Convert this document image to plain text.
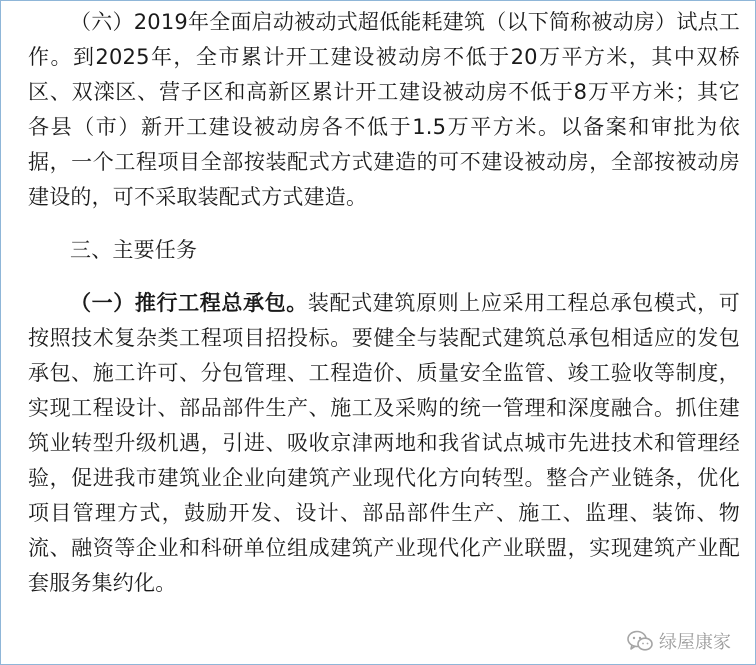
（六）2019年全面启动被动式超低能耗建筑（以下简称被动房）试点工作。到2025年，全市累计开工建设被动房不低于20万平方米，其中双桥区、双滦区、营子区和高新区累计开工建设被动房不低于8万平方米；其它各县（市）新开工建设被动房各不低于1.5万平方米。以备案和审批为依据，一个工程项目全部按装配式方式建造的可不建设被动房，全部按被动房建设的，可不采取装配式方式建造。

三、主要任务

（一）推行工程总承包。装配式建筑原则上应采用工程总承包模式，可按照技术复杂类工程项目招投标。要健全与装配式建筑总承包相适应的发包承包、施工许可、分包管理、工程造价、质量安全监管、竣工验收等制度，实现工程设计、部品部件生产、施工及采购的统一管理和深度融合。抓住建筑业转型升级机遇，引进、吸收京津两地和我省试点城市先进技术和管理经验，促进我市建筑业企业向建筑产业现代化方向转型。整合产业链条，优化项目管理方式，鼓励开发、设计、部品部件生产、施工、监理、装饰、物流、融资等企业和科研单位组成建筑产业现代化产业联盟，实现建筑产业配套服务集约化。

绿屋康家
